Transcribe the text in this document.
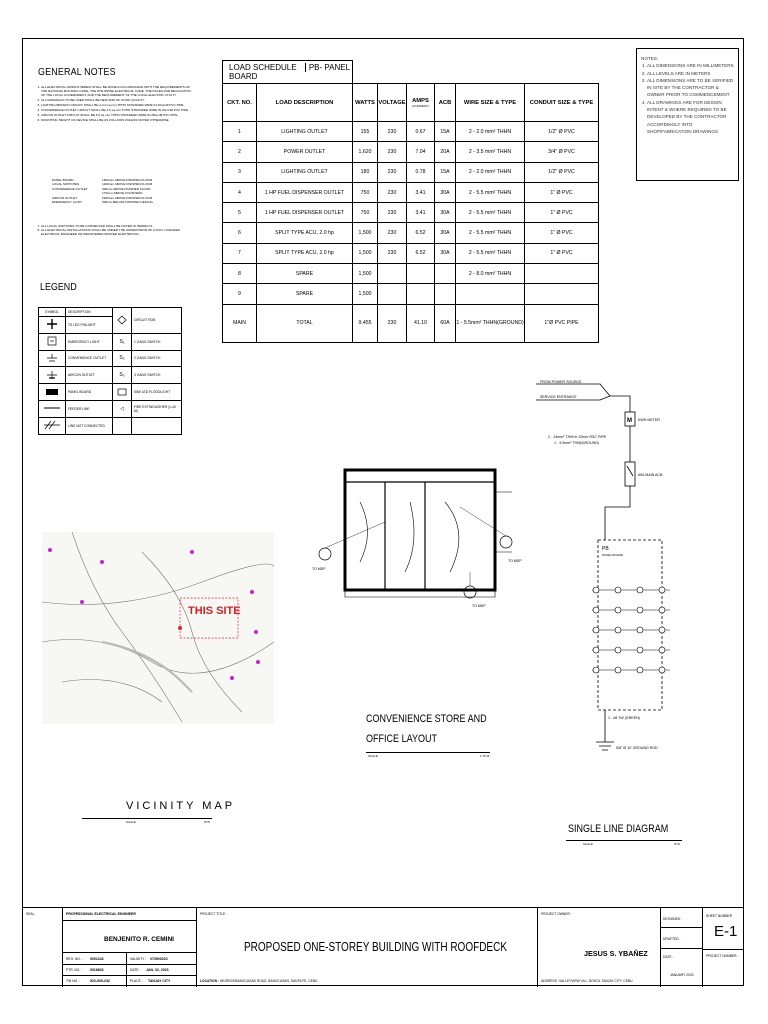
GENERAL NOTES
1. ALL ELECTRICAL WORKS HEREIN SHALL BE DONE IN ACCORDANCE WITH THE REQUIREMENTS OF THE NATIONAL BUILDING CODE, THE PHILIPPINE ELECTRICAL CODE, THE RULES AND REGULATION OF THE LOCAL GOVERNMENT, AND THE REQUIREMENT OF THE LOCAL ELECTRIC UTILITY.
2. ALL MATERIALS TO BE USED SHALL BE NEW AND OF GOOD QUALITY.
3. LIGHTING BRANCH CIRCUIT SHALL BE 2-2.0 sq.mm THHN STRANDED WIRE IN 20mmØ PVC PIPE.
4. CONVENIENCE OUTLET CIRCUIT SHALL BE 3.5 sq.mm THHN STRANDED WIRE IN 20mmØ PVC PIPE.
5. AIRCON OUTLET CIRCUIT SHALL BE 5.5 sq.mm THHN STRANDED WIRE IN 25mmØ PVC PIPE.
6. MOUNTING HEIGHT OF DEVICE SHALL BE AS FOLLOWS UNLESS NOTED OTHERWISE
PANEL BOARD	1500mm ABOVE FINISHED FLOOR
LOCAL SWITCHES	1400mm ABOVE FINISHED FLOOR
CONVENIENCE OUTLET	300mm ABOVE FINISHED FLOOR
1TSmm ABOVE COUNTERS
AIRCON OUTLET	2200mm ABOVE FINISHED FLOOR
EMERGENCY LIGHT	300mm BELOW FINISHED CEILING
7. ALL LOCAL SWITCHES TO BE CONNECTED SHALL BE NOTED IS HEREIN IS
8. ALL ELECTRICAL INSTALLATIONS SHALL BE UNDER THE SUPERVISION OF A DULY LICENSED ELECTRICAL ENGINEER OR REGISTERED MASTER ELECTRICIAN.
LEGEND
SYMBOL	DESCRIPTION		CIRCUIT RUN
	TS LED PINLIGHT		
	EMERGENCY LIGHT	S₁	1 GANG SWITCH
	CONVENIENCE OUTLET	S₂	2 GANG SWITCH
	AIRCON OUTLET	S₃	3 GANG SWITCH
	PANEL BOARD		50W LED FLOODLIGHT
	FEEDER LINE	◁	FIRE EXTINGUISHER (1-40 M)
	LINE NOT CONNECTED		
LOAD SCHEDULE PB- PANEL BOARD							
CKT. NO.	LOAD DESCRIPTION	WATTS	VOLTAGE	AMPS
(CURRENT)	ACB	WIRE SIZE & TYPE	CONDUIT SIZE & TYPE
1	LIGHTING OUTLET	155	230	0.67	15A	2 - 2.0 mm² THHN	1/2" Ø PVC
2	POWER OUTLET	1,620	230	7.04	20A	2 - 3.5 mm² THHN	3/4" Ø PVC
3	LIGHTING OUTLET	180	230	0.78	15A	2 - 2.0 mm² THHN	1/2" Ø PVC
4	1 HP FUEL DISPENSER OUTLET	750	230	3.41	30A	2 - 5.5 mm² THHN	1" Ø PVC
5	1 HP FUEL DISPENSER OUTLET	750	230	3.41	30A	2 - 5.5 mm² THHN	1" Ø PVC
6	SPLIT TYPE ACU, 2.0 hp	1,500	230	6.52	30A	2 - 5.5 mm² THHN	1" Ø PVC
7	SPLIT TYPE ACU, 2.0 hp	1,500	230	6.52	30A	2 - 5.5 mm² THHN	1" Ø PVC
8	SPARE	1,500				2 - 8.0 mm² THHN	
9	SPARE	1,500					
MAIN	TOTAL	9,455	230	41.10	60A	1 - 5.5mm² THHN(GROUND)	1"Ø PVC PIPE
NOTES:
1. ALL DIMENSIONS ARE IN MILLIMETERS
2. ALL LEVELS ARE IN METERS
3. ALL DIMENSIONS ARE TO BE VERIFIED IN SITE BY THE CONTRACTOR & OWNER PRIOR TO COMMENCEMENT
4. ALL DRAWINGS ARE FOR DESIGN INTENT & WHERE REQUIRED TO BE DEVELOPED BY THE CONTRACTOR ACCORDINGLY INTO SHOP/FABRICATION DRAWINGS
FROM POWER SOURCE
SERVICE ENTRANCE
M KWH METER
2 - 14mm² THW in 32mm RSC PIPE
1 - 5.5mm² THW(GROUND)
60A MAIN ACB
PB
PANEL BOARD
1 - #8 TW (GREEN)
5/8" Ø 10' GROUND ROD
SINGLE LINE DIAGRAM
SCALE	NTS
TO MDP
TO MDP
TO MDP
CONVENIENCE STORE AND
OFFICE LAYOUT
SCALE	1:75 M
THIS SITE
VICINITY MAP
SCALE	NTS
SEAL	PROFESSIONAL ELECTRICAL ENGINEER
BENJENITO R. CEMINI
REG. NO. : 0001243	VALIDITY : 07/09/2023
PTR. NO. : 0916823	DATE : JAN. 02, 2023
TIN NO. :	922-009-232	PLACE : TANJAY CITY
PROJECT TITLE :
PROPOSED ONE-STOREY BUILDING WITH ROOFDECK
LOCATION : NEGROS/BANGCASAN ROAD, BANGCASAN, SANTA FE, CEBU
PROJECT OWNER :
JESUS S. YBAÑEZ
ADDRESS : VALLEYVIEW VILL. BOHOL TANJAY CITY, CEBU
DESIGNED :
DRAFTED :
DATE :
JANUARY 2023
SHEET NUMBER
E-1
PROJECT NUMBER :
